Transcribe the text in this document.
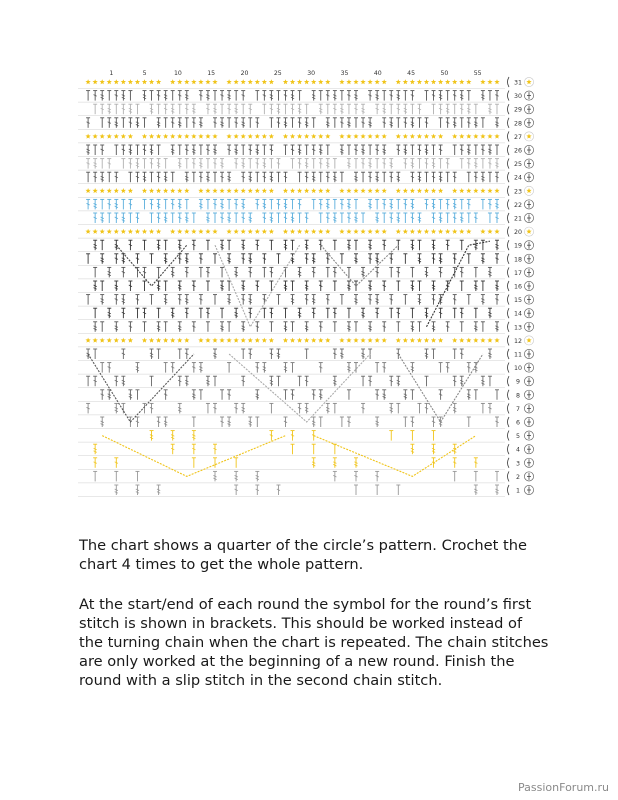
55
50
45
40
35
30
25
20
15
10
5
1
31
30
29
28
27
26
25
24
23
22
21
20
19
18
17
16
15
14
13
12
11
10
9
8
7
6
5
4
3
2
1

The chart shows a quarter of the circle’s pattern. Crochet the chart 4 times to get the whole pattern.

At the start/end of each round the symbol for the round’s first stitch is shown in brackets. This should be worked instead of the turning chain when the chart is repeated. The chain stitches are only worked at the beginning of a new round. Finish the round with a slip stitch in the second chain stitch.

PassionForum.ru
